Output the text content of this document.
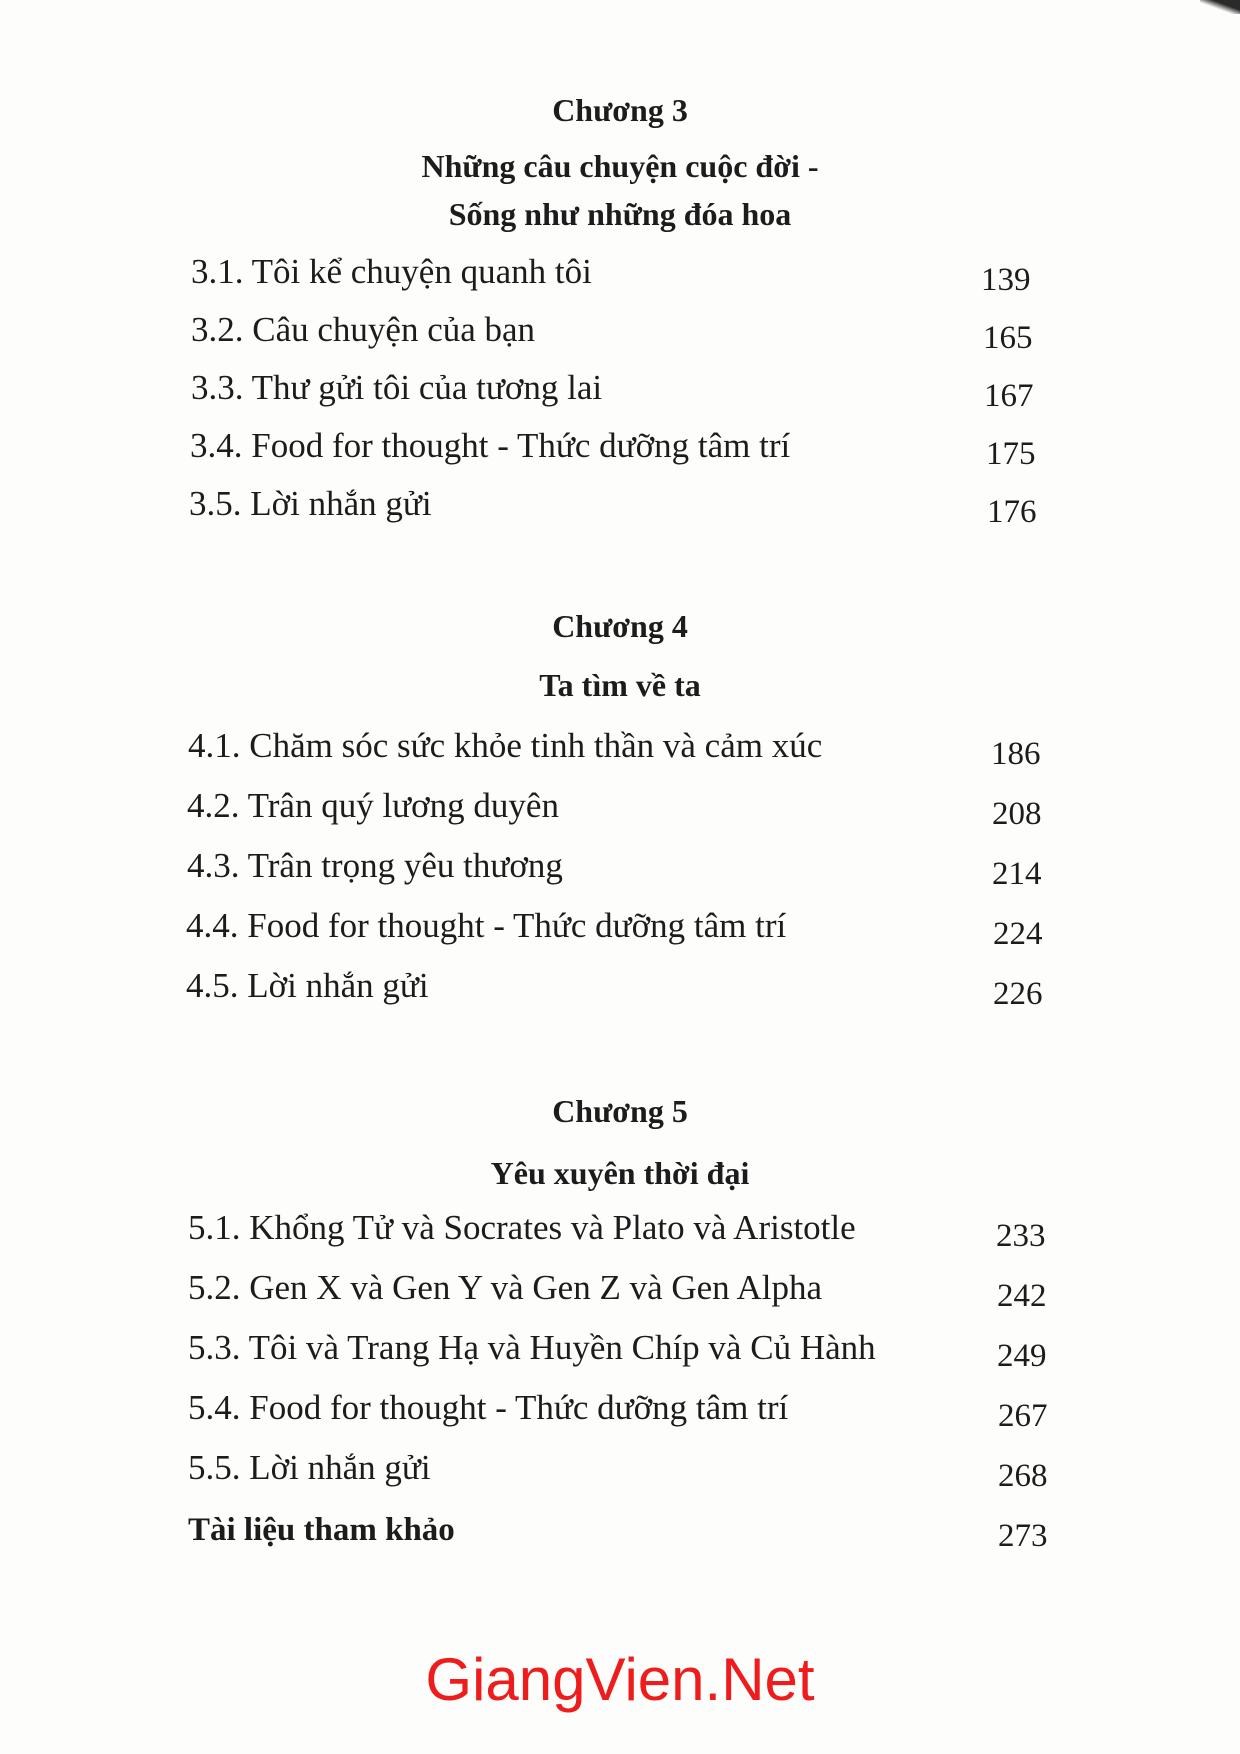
Chương 3
Những câu chuyện cuộc đời -
Sống như những đóa hoa
3.1. Tôi kể chuyện quanh tôi	139
3.2. Câu chuyện của bạn	165
3.3. Thư gửi tôi của tương lai	167
3.4. Food for thought - Thức dưỡng tâm trí	175
3.5. Lời nhắn gửi	176
Chương 4
Ta tìm về ta
4.1. Chăm sóc sức khỏe tinh thần và cảm xúc	186
4.2. Trân quý lương duyên	208
4.3. Trân trọng yêu thương	214
4.4. Food for thought - Thức dưỡng tâm trí	224
4.5. Lời nhắn gửi	226
Chương 5
Yêu xuyên thời đại
5.1. Khổng Tử và Socrates và Plato và Aristotle	233
5.2. Gen X và Gen Y và Gen Z và Gen Alpha	242
5.3. Tôi và Trang Hạ và Huyền Chíp và Củ Hành	249
5.4. Food for thought - Thức dưỡng tâm trí	267
5.5. Lời nhắn gửi	268
Tài liệu tham khảo	273
GiangVien.Net
